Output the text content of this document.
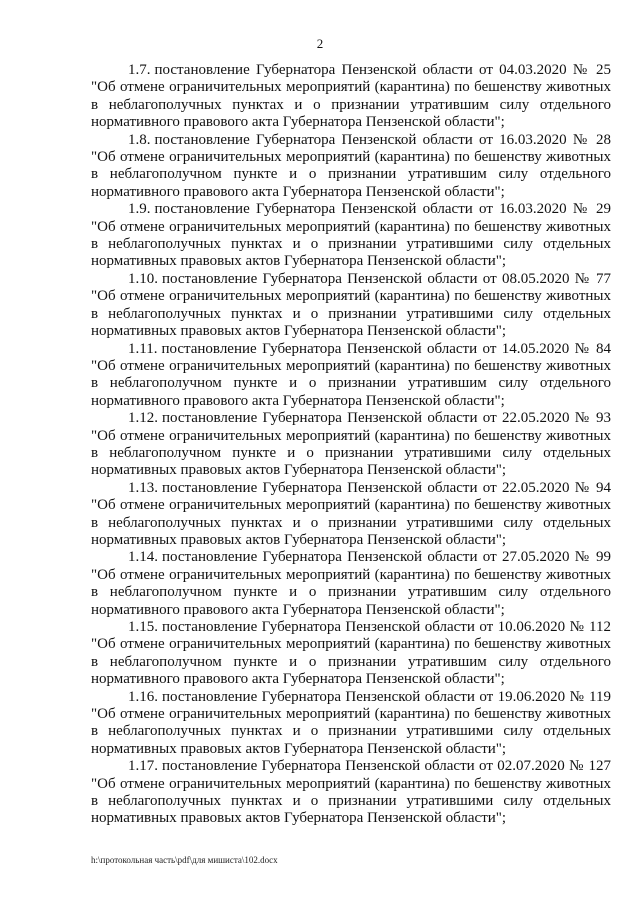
2

1.7. постановление Губернатора Пензенской области от 04.03.2020 № 25 "Об отмене ограничительных мероприятий (карантина) по бешенству животных в неблагополучных пунктах и о признании утратившим силу отдельного нормативного правового акта Губернатора Пензенской области";

1.8. постановление Губернатора Пензенской области от 16.03.2020 № 28 "Об отмене ограничительных мероприятий (карантина) по бешенству животных в неблагополучном пункте и о признании утратившим силу отдельного нормативного правового акта Губернатора Пензенской области";

1.9. постановление Губернатора Пензенской области от 16.03.2020 № 29 "Об отмене ограничительных мероприятий (карантина) по бешенству животных в неблагополучных пунктах и о признании утратившими силу отдельных нормативных правовых актов Губернатора Пензенской области";

1.10. постановление Губернатора Пензенской области от 08.05.2020 № 77 "Об отмене ограничительных мероприятий (карантина) по бешенству животных в неблагополучных пунктах и о признании утратившими силу отдельных нормативных правовых актов Губернатора Пензенской области";

1.11. постановление Губернатора Пензенской области от 14.05.2020 № 84 "Об отмене ограничительных мероприятий (карантина) по бешенству животных в неблагополучном пункте и о признании утратившим силу отдельного нормативного правового акта Губернатора Пензенской области";

1.12. постановление Губернатора Пензенской области от 22.05.2020 № 93 "Об отмене ограничительных мероприятий (карантина) по бешенству животных в неблагополучном пункте и о признании утратившими силу отдельных нормативных правовых актов Губернатора Пензенской области";

1.13. постановление Губернатора Пензенской области от 22.05.2020 № 94 "Об отмене ограничительных мероприятий (карантина) по бешенству животных в неблагополучных пунктах и о признании утратившими силу отдельных нормативных правовых актов Губернатора Пензенской области";

1.14. постановление Губернатора Пензенской области от 27.05.2020 № 99 "Об отмене ограничительных мероприятий (карантина) по бешенству животных в неблагополучном пункте и о признании утратившим силу отдельного нормативного правового акта Губернатора Пензенской области";

1.15. постановление Губернатора Пензенской области от 10.06.2020 № 112 "Об отмене ограничительных мероприятий (карантина) по бешенству животных в неблагополучном пункте и о признании утратившим силу отдельного нормативного правового акта Губернатора Пензенской области";

1.16. постановление Губернатора Пензенской области от 19.06.2020 № 119 "Об отмене ограничительных мероприятий (карантина) по бешенству животных в неблагополучных пунктах и о признании утратившими силу отдельных нормативных правовых актов Губернатора Пензенской области";

1.17. постановление Губернатора Пензенской области от 02.07.2020 № 127 "Об отмене ограничительных мероприятий (карантина) по бешенству животных в неблагополучных пунктах и о признании утратившими силу отдельных нормативных правовых актов Губернатора Пензенской области";

h:\протокольная часть\pdf\для мишиста\102.docx
